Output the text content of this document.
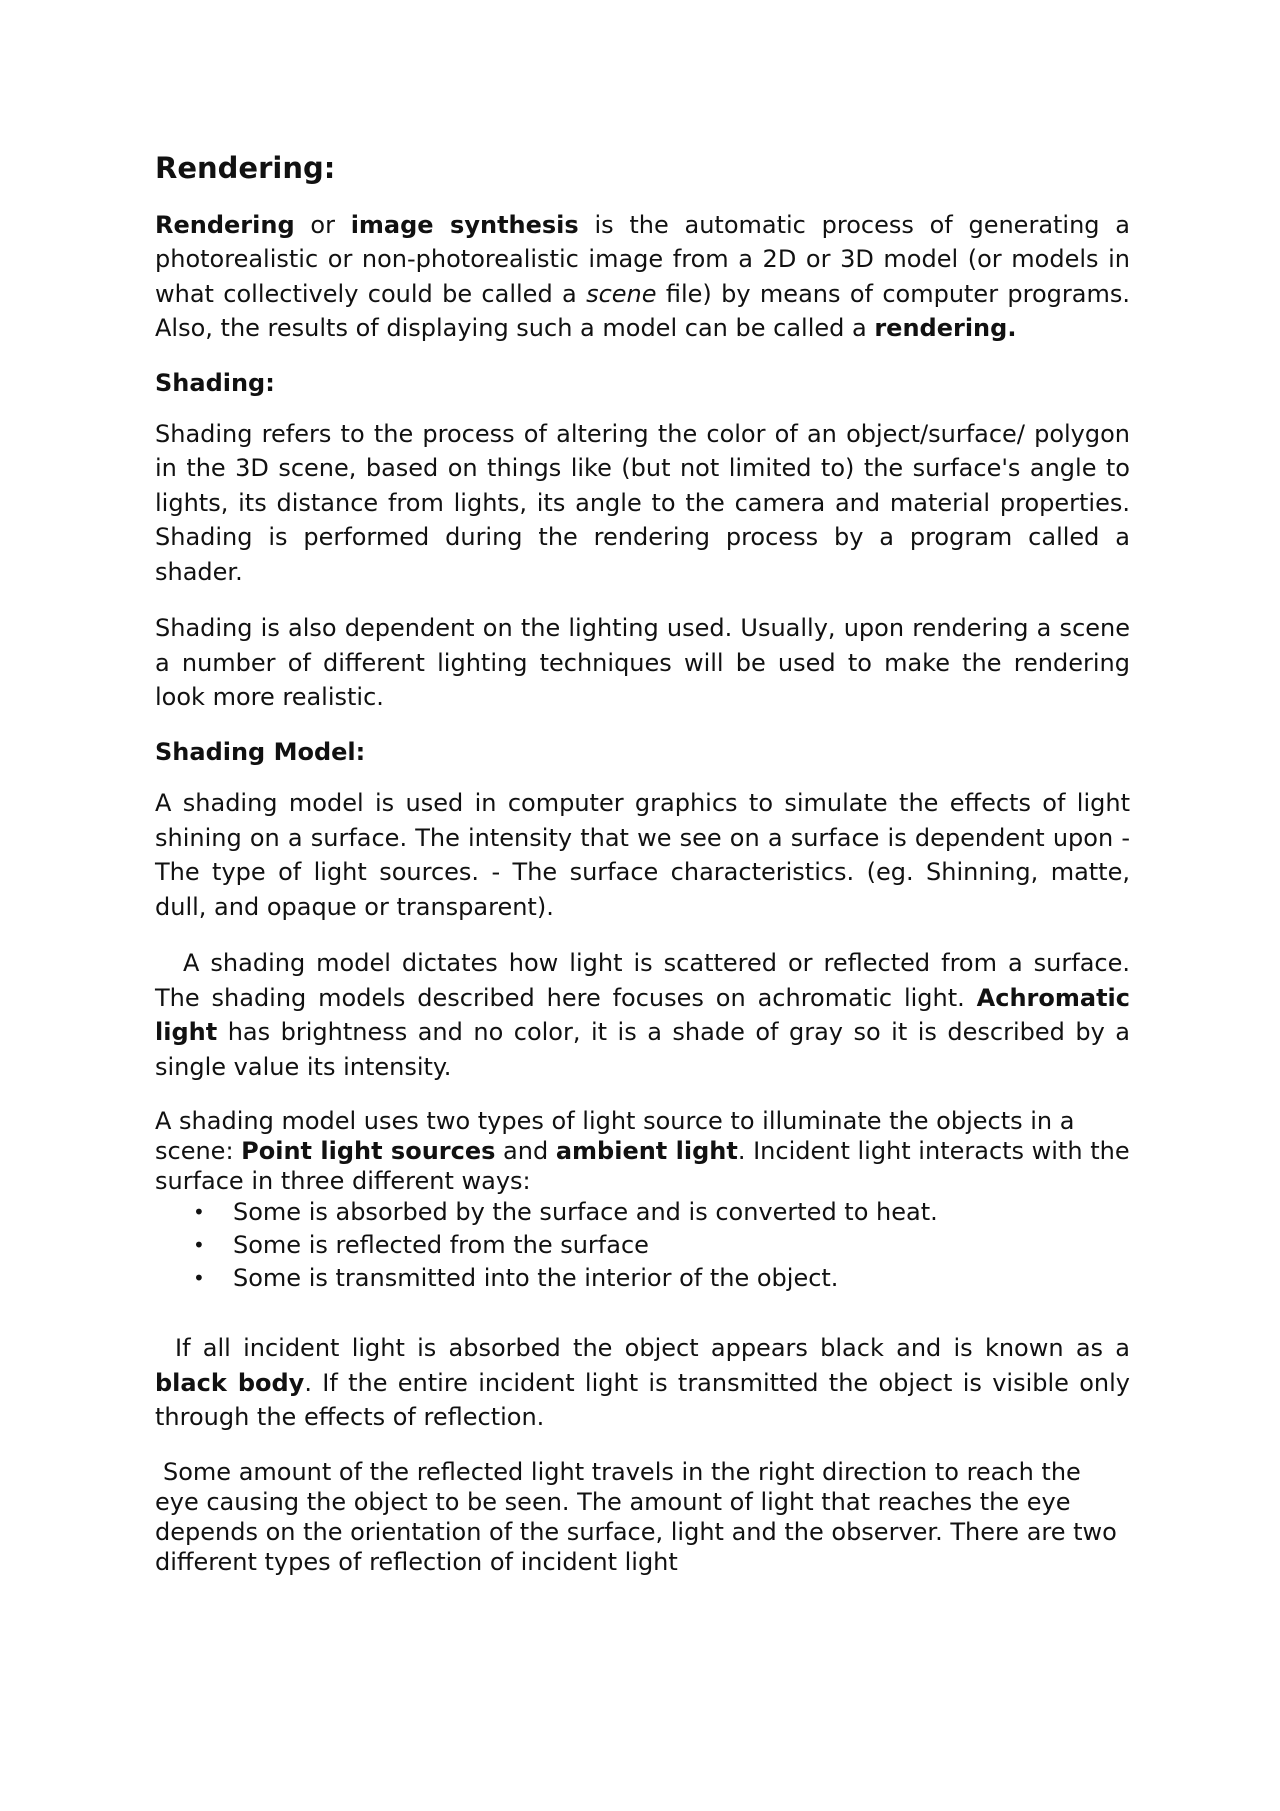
Rendering:

Rendering or image synthesis is the automatic process of generating a photorealistic or non-photorealistic image from a 2D or 3D model (or models in what collectively could be called a scene file) by means of computer programs. Also, the results of displaying such a model can be called a rendering.

Shading:

Shading refers to the process of altering the color of an object/surface/ polygon in the 3D scene, based on things like (but not limited to) the surface's angle to lights, its distance from lights, its angle to the camera and material properties. Shading is performed during the rendering process by a program called a shader.

Shading is also dependent on the lighting used. Usually, upon rendering a scene a number of different lighting techniques will be used to make the rendering look more realistic.

Shading Model:

A shading model is used in computer graphics to simulate the effects of light shining on a surface. The intensity that we see on a surface is dependent upon - The type of light sources. - The surface characteristics. (eg. Shinning, matte, dull, and opaque or transparent).

A shading model dictates how light is scattered or reflected from a surface. The shading models described here focuses on achromatic light. Achromatic light has brightness and no color, it is a shade of gray so it is described by a single value its intensity.

A shading model uses two types of light source to illuminate the objects in a scene: Point light sources and ambient light. Incident light interacts with the surface in three different ways:

• Some is absorbed by the surface and is converted to heat.
• Some is reflected from the surface
• Some is transmitted into the interior of the object.

If all incident light is absorbed the object appears black and is known as a black body. If the entire incident light is transmitted the object is visible only through the effects of reflection.

Some amount of the reflected light travels in the right direction to reach the eye causing the object to be seen. The amount of light that reaches the eye depends on the orientation of the surface, light and the observer. There are two different types of reflection of incident light
